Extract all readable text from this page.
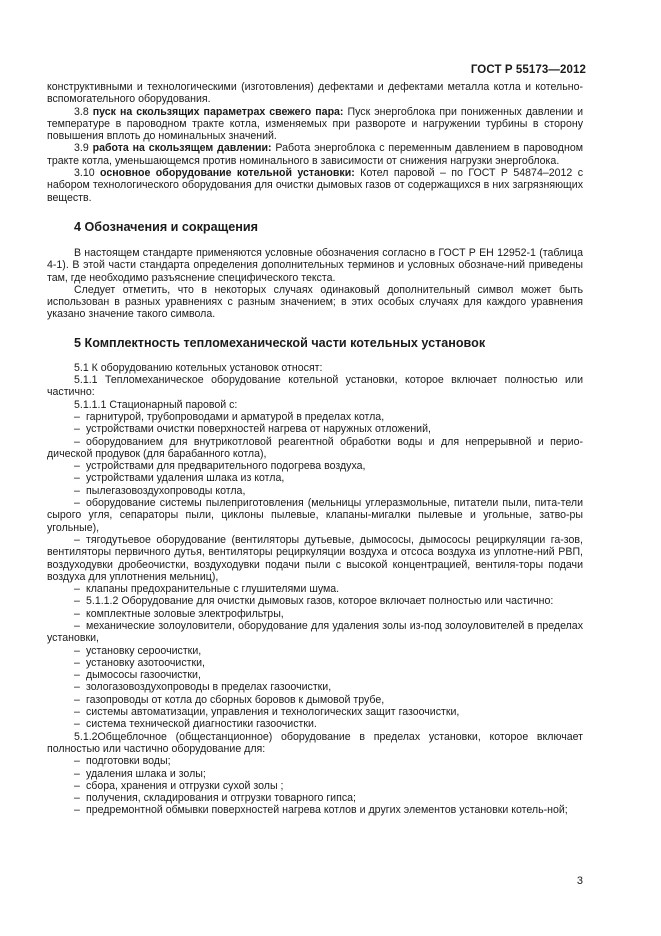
ГОСТ Р 55173—2012

конструктивными и технологическими (изготовления) дефектами и дефектами металла котла и котельно-вспомогательного оборудования.

3.8 пуск на скользящих параметрах свежего пара: Пуск энергоблока при пониженных давлении и температуре в пароводном тракте котла, изменяемых при развороте и нагружении турбины в сторону повышения вплоть до номинальных значений.

3.9 работа на скользящем давлении: Работа энергоблока с переменным давлением в пароводном тракте котла, уменьшающемся против номинального в зависимости от снижения нагрузки энергоблока.

3.10 основное оборудование котельной установки: Котел паровой – по ГОСТ Р 54874–2012 с набором технологического оборудования для очистки дымовых газов от содержащихся в них загрязняющих веществ.

4 Обозначения и сокращения

В настоящем стандарте применяются условные обозначения согласно в ГОСТ Р ЕН 12952-1 (таблица 4-1). В этой части стандарта определения дополнительных терминов и условных обозначе-ний приведены там, где необходимо разъяснение специфического текста.

Следует отметить, что в некоторых случаях одинаковый дополнительный символ может быть использован в разных уравнениях с разным значением; в этих особых случаях для каждого уравнения указано значение такого символа.

5 Комплектность тепломеханической части котельных установок

5.1 К оборудованию котельных установок относят:

5.1.1 Тепломеханическое оборудование котельной установки, которое включает полностью или частично:

5.1.1.1 Стационарный паровой с:

– гарнитурой, трубопроводами и арматурой в пределах котла,

– устройствами очистки поверхностей нагрева от наружных отложений,

– оборудованием для внутрикотловой реагентной обработки воды и для непрерывной и перио-дической продувок (для барабанного котла),

– устройствами для предварительного подогрева воздуха,

– устройствами удаления шлака из котла,

– пылегазовоздухопроводы котла,

– оборудование системы пылеприготовления (мельницы углеразмольные, питатели пыли, пита-тели сырого угля, сепараторы пыли, циклоны пылевые, клапаны-мигалки пылевые и угольные, затво-ры угольные),

– тягодутьевое оборудование (вентиляторы дутьевые, дымососы, дымососы рециркуляции га-зов, вентиляторы первичного дутья, вентиляторы рециркуляции воздуха и отсоса воздуха из уплотне-ний РВП, воздуходувки дробеочистки, воздуходувки подачи пыли с высокой концентрацией, вентиля-торы подачи воздуха для уплотнения мельниц),

– клапаны предохранительные с глушителями шума.

– 5.1.1.2 Оборудование для очистки дымовых газов, которое включает полностью или частично:

– комплектные золовые электрофильтры,

– механические золоуловители, оборудование для удаления золы из-под золоуловителей в пределах установки,

– установку сероочистки,

– установку азотоочистки,

– дымососы газоочистки,

– зологазовоздухопроводы в пределах газоочистки,

– газопроводы от котла до сборных боровов к дымовой трубе,

– системы автоматизации, управления и технологических защит газоочистки,

– система технической диагностики газоочистки.

5.1.2Общеблочное (общестанционное) оборудование в пределах установки, которое включает полностью или частично оборудование для:

– подготовки воды;

– удаления шлака и золы;

– сбора, хранения и отгрузки сухой золы ;

– получения, складирования и отгрузки товарного гипса;

– предремонтной обмывки поверхностей нагрева котлов и других элементов установки котель-ной;

3
